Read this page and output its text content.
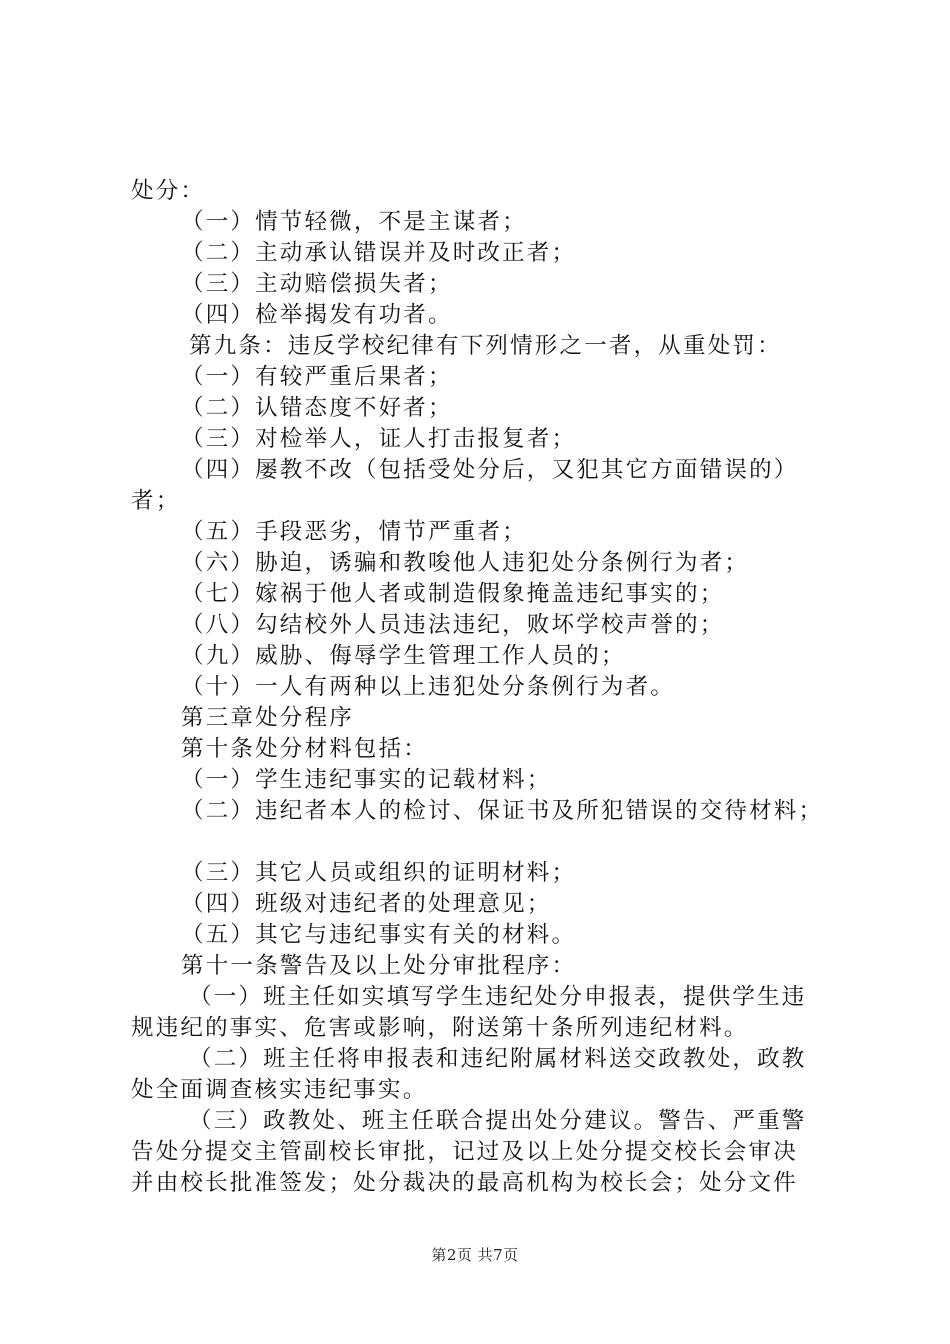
处分：
（一）情节轻微，不是主谋者；
（二）主动承认错误并及时改正者；
（三）主动赔偿损失者；
（四）检举揭发有功者。
第九条：违反学校纪律有下列情形之一者，从重处罚：
（一）有较严重后果者；
（二）认错态度不好者；
（三）对检举人，证人打击报复者；
（四）屡教不改（包括受处分后，又犯其它方面错误的）
者；
（五）手段恶劣，情节严重者；
（六）胁迫，诱骗和教唆他人违犯处分条例行为者；
（七）嫁祸于他人者或制造假象掩盖违纪事实的；
（八）勾结校外人员违法违纪，败坏学校声誉的；
（九）威胁、侮辱学生管理工作人员的；
（十）一人有两种以上违犯处分条例行为者。
第三章处分程序
第十条处分材料包括：
（一）学生违纪事实的记载材料；
（二）违纪者本人的检讨、保证书及所犯错误的交待材料；
（三）其它人员或组织的证明材料；
（四）班级对违纪者的处理意见；
（五）其它与违纪事实有关的材料。
第十一条警告及以上处分审批程序：
（一）班主任如实填写学生违纪处分申报表，提供学生违
规违纪的事实、危害或影响，附送第十条所列违纪材料。
（二）班主任将申报表和违纪附属材料送交政教处，政教
处全面调查核实违纪事实。
（三）政教处、班主任联合提出处分建议。警告、严重警
告处分提交主管副校长审批，记过及以上处分提交校长会审决
并由校长批准签发；处分裁决的最高机构为校长会；处分文件
第2页 共7页
